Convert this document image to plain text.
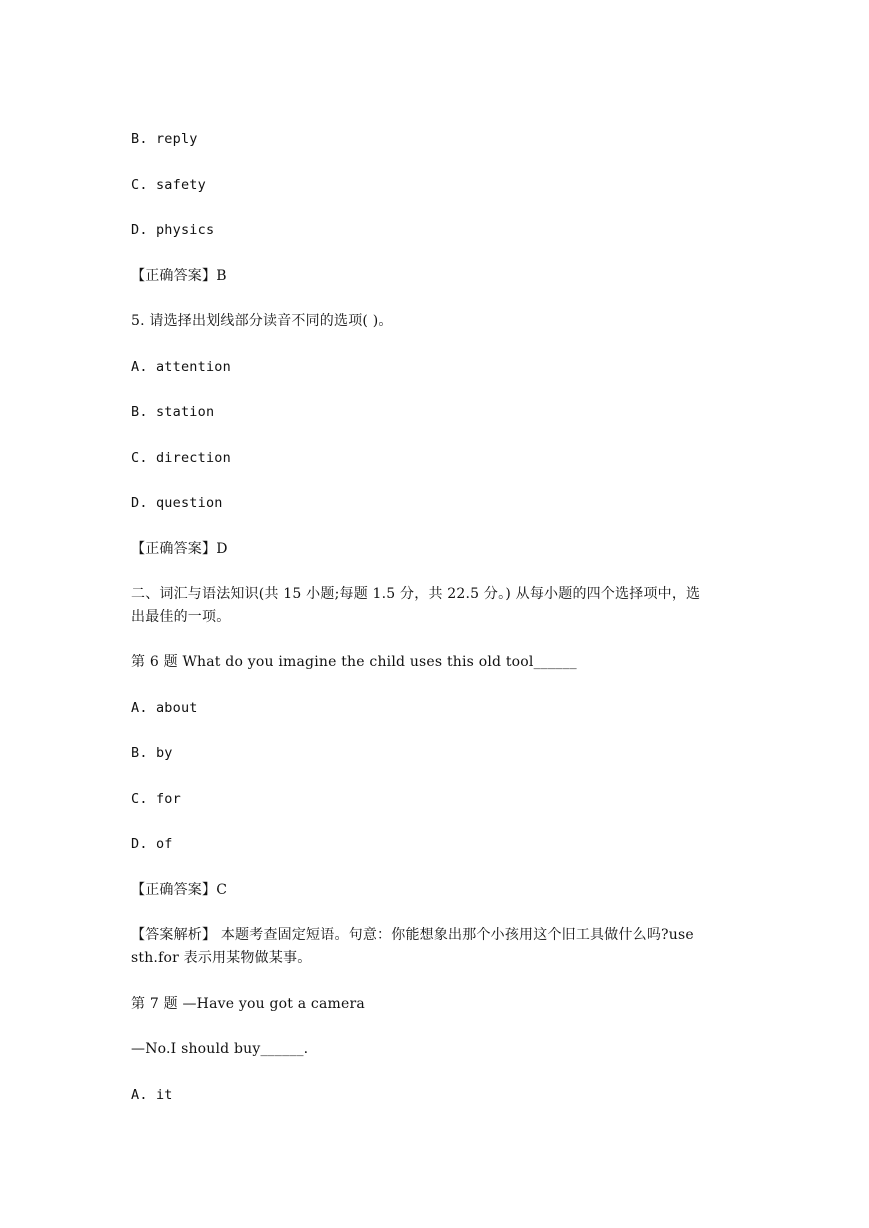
B. reply
C. safety
D. physics
【正确答案】B
5. 请选择出划线部分读音不同的选项( )。
A. attention
B. station
C. direction
D. question
【正确答案】D
二、词汇与语法知识(共 15 小题;每题 1.5 分，共 22.5 分。) 从每小题的四个选择项中，选
出最佳的一项。
第 6 题 What do you imagine the child uses this old tool______
A. about
B. by
C. for
D. of
【正确答案】C
【答案解析】 本题考查固定短语。句意：你能想象出那个小孩用这个旧工具做什么吗?use
sth.for 表示用某物做某事。
第 7 题 —Have you got a camera
—No.I should buy______.
A. it
